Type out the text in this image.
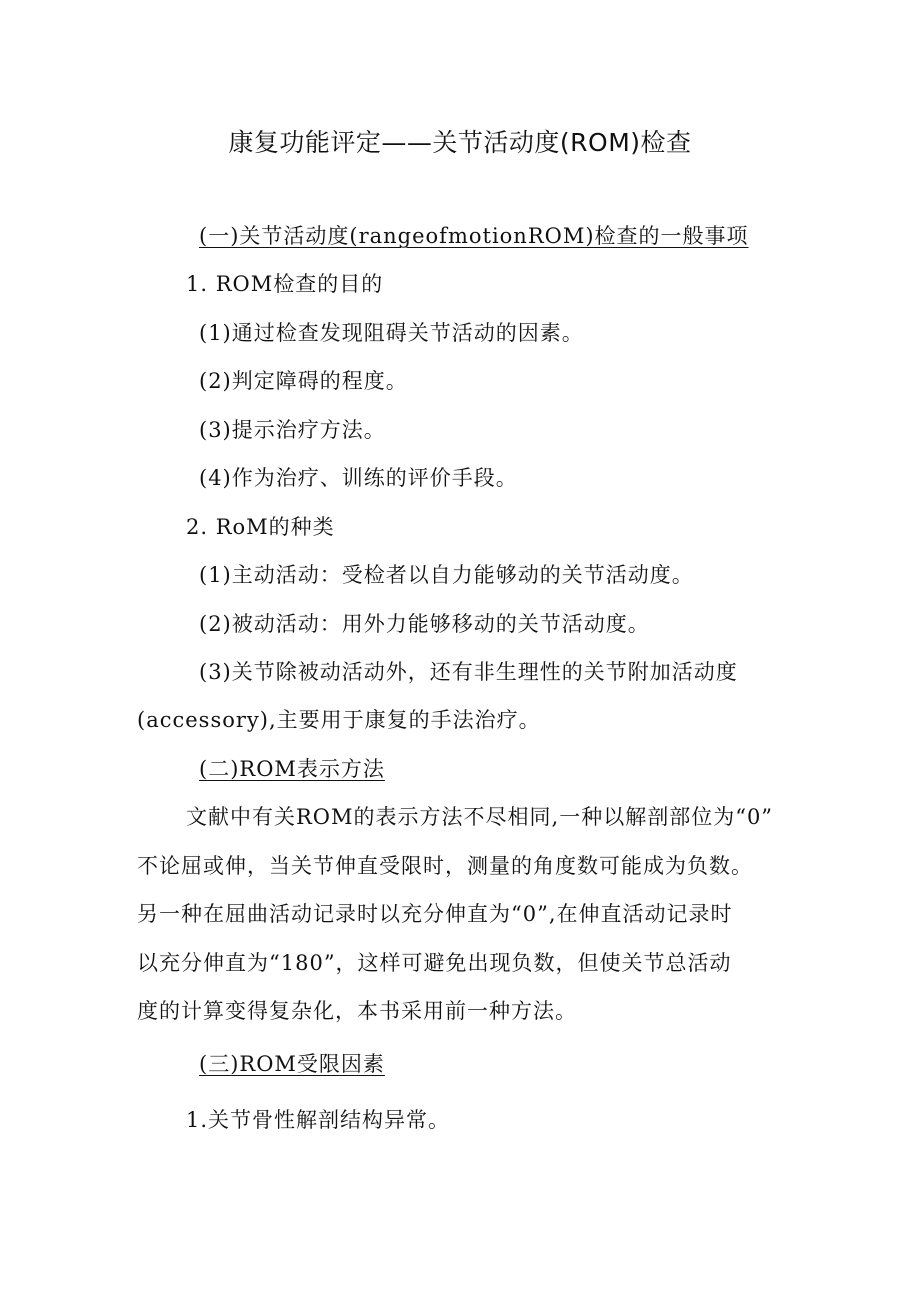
康复功能评定——关节活动度(ROM)检查
(一)关节活动度(rangeofmotionROM)检查的一般事项
1. ROM检查的目的
(1)通过检查发现阻碍关节活动的因素。
(2)判定障碍的程度。
(3)提示治疗方法。
(4)作为治疗、训练的评价手段。
2. RoM的种类
(1)主动活动：受检者以自力能够动的关节活动度。
(2)被动活动：用外力能够移动的关节活动度。
(3)关节除被动活动外，还有非生理性的关节附加活动度
(accessory),主要用于康复的手法治疗。
(二)ROM表示方法
文献中有关ROM的表示方法不尽相同,一种以解剖部位为“0”
不论屈或伸，当关节伸直受限时，测量的角度数可能成为负数。
另一种在屈曲活动记录时以充分伸直为“0”,在伸直活动记录时
以充分伸直为“180”，这样可避免出现负数，但使关节总活动
度的计算变得复杂化，本书采用前一种方法。
(三)ROM受限因素
1.关节骨性解剖结构异常。
